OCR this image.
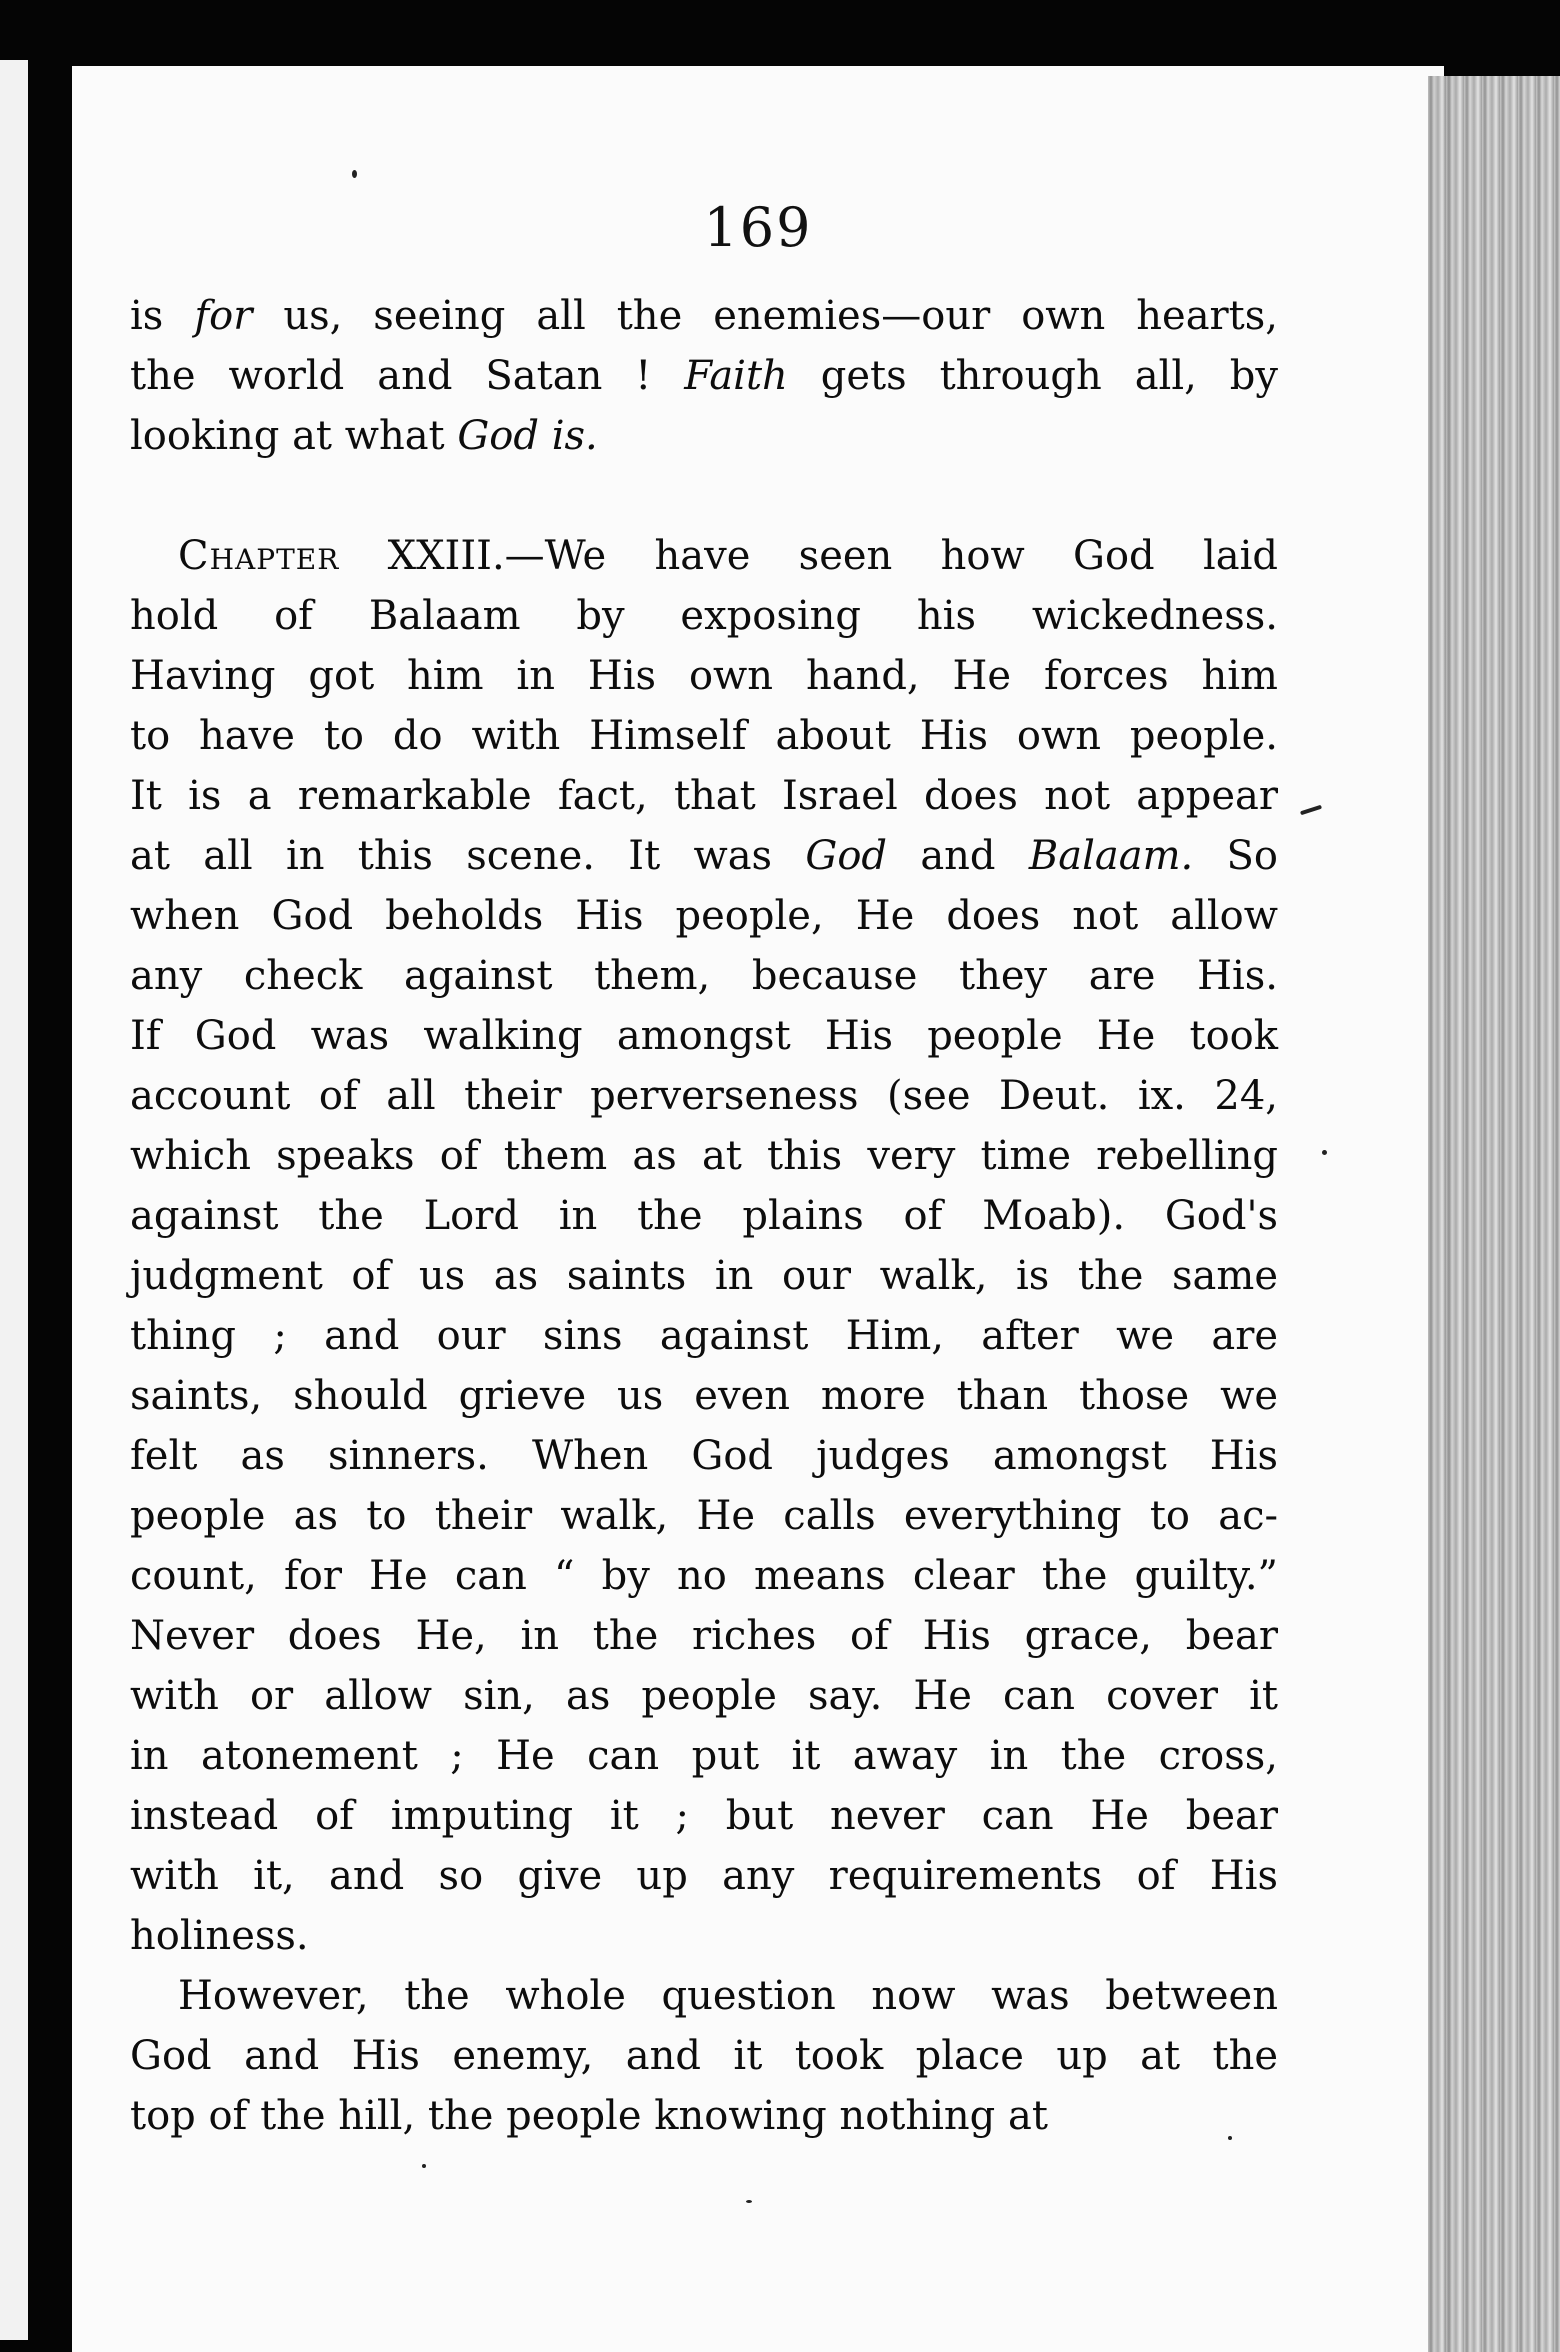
169
is for us, seeing all the enemies—our own hearts,
the world and Satan ! Faith gets through all, by
looking at what God is.
Chapter XXIII.—We have seen how God laid
hold of Balaam by exposing his wickedness.
Having got him in His own hand, He forces him
to have to do with Himself about His own people.
It is a remarkable fact, that Israel does not appear
at all in this scene. It was God and Balaam. So
when God beholds His people, He does not allow
any check against them, because they are His.
If God was walking amongst His people He took
account of all their perverseness (see Deut. ix. 24,
which speaks of them as at this very time rebelling
against the Lord in the plains of Moab). God's
judgment of us as saints in our walk, is the same
thing ; and our sins against Him, after we are
saints, should grieve us even more than those we
felt as sinners. When God judges amongst His
people as to their walk, He calls everything to ac-
count, for He can “ by no means clear the guilty.”
Never does He, in the riches of His grace, bear
with or allow sin, as people say. He can cover it
in atonement ; He can put it away in the cross,
instead of imputing it ; but never can He bear
with it, and so give up any requirements of His
holiness.
However, the whole question now was between
God and His enemy, and it took place up at the
top of the hill, the people knowing nothing at
